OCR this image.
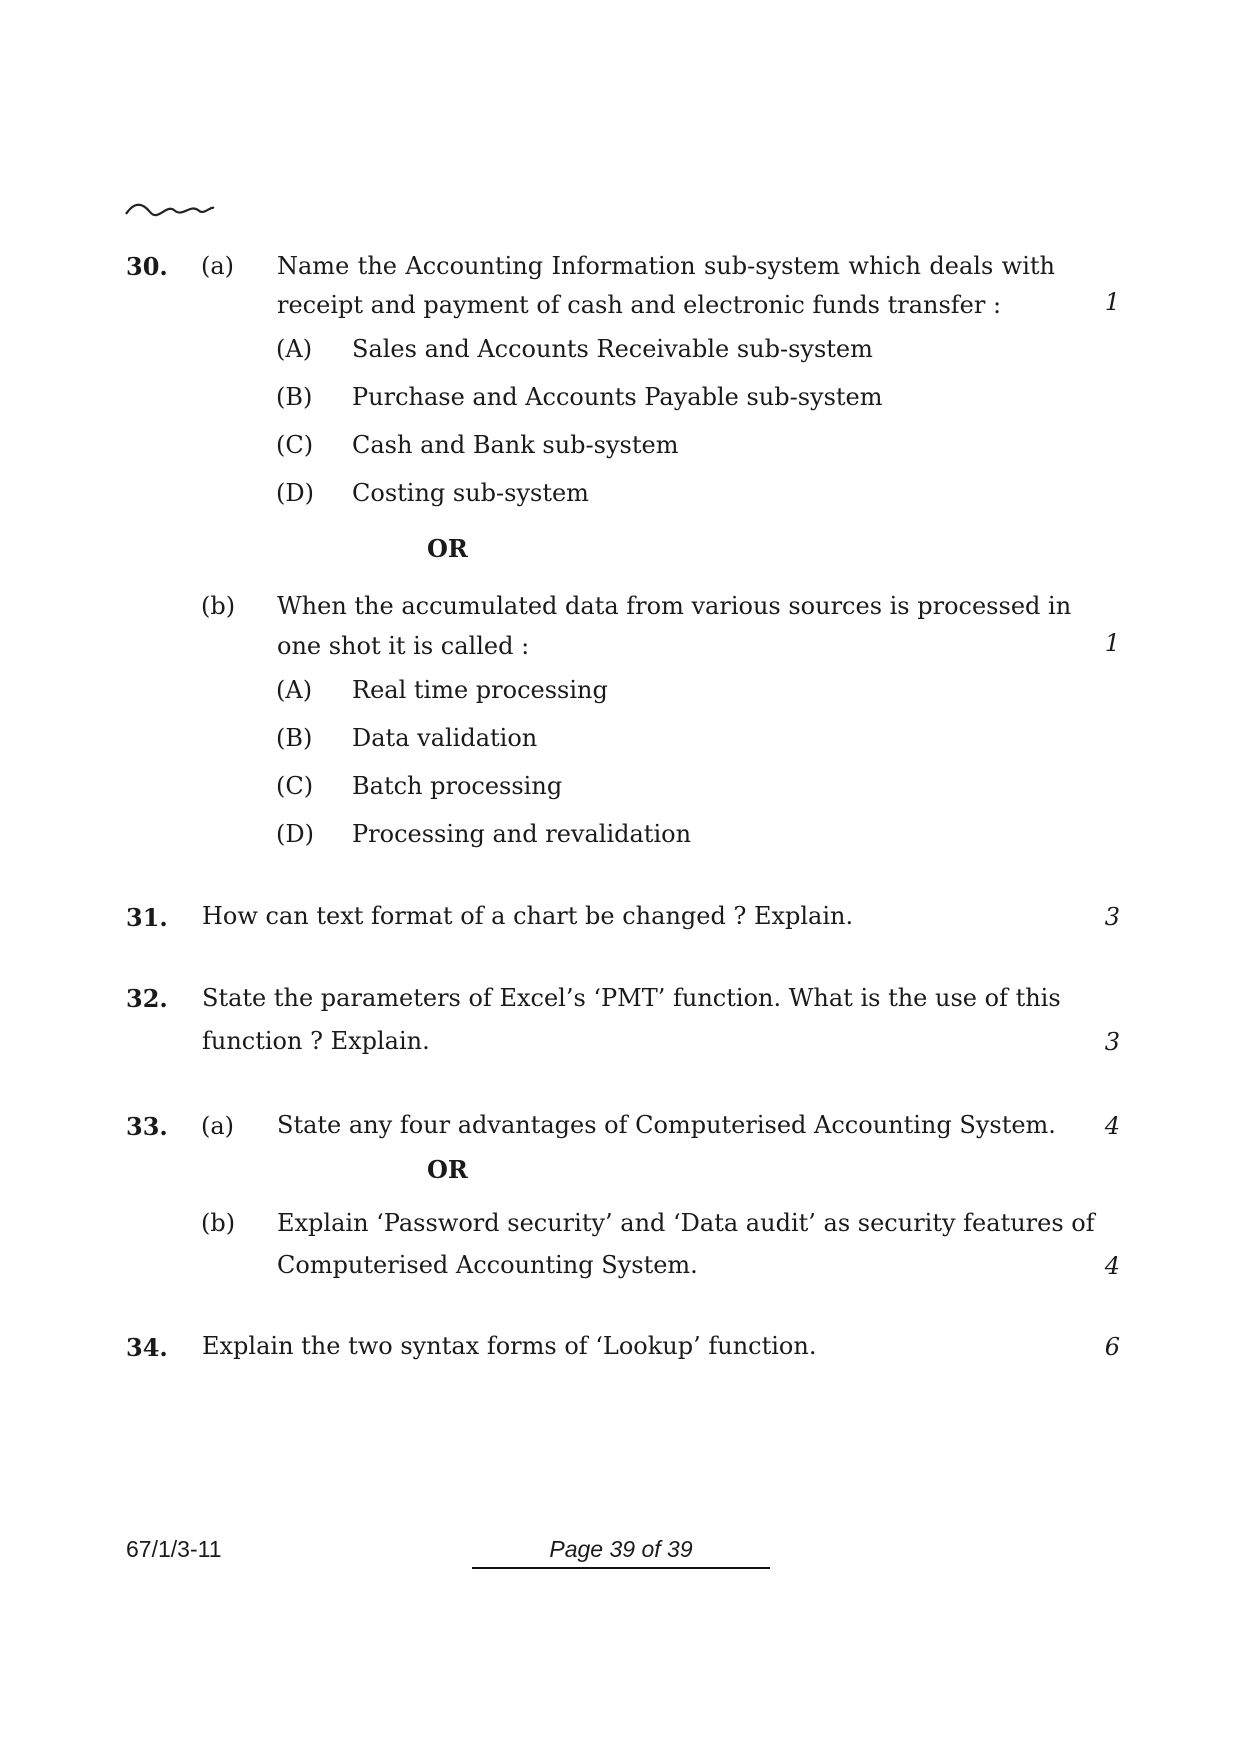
30. (a) Name the Accounting Information sub-system which deals with
receipt and payment of cash and electronic funds transfer :	1
(A) Sales and Accounts Receivable sub-system
(B) Purchase and Accounts Payable sub-system
(C) Cash and Bank sub-system
(D) Costing sub-system
OR
(b) When the accumulated data from various sources is processed in
one shot it is called :	1
(A) Real time processing
(B) Data validation
(C) Batch processing
(D) Processing and revalidation
31. How can text format of a chart be changed ? Explain.	3
32. State the parameters of Excel’s ‘PMT’ function. What is the use of this
function ? Explain.	3
33. (a) State any four advantages of Computerised Accounting System.	4
OR
(b) Explain ‘Password security’ and ‘Data audit’ as security features of
Computerised Accounting System.	4
34. Explain the two syntax forms of ‘Lookup’ function.	6
67/1/3-11	Page 39 of 39
